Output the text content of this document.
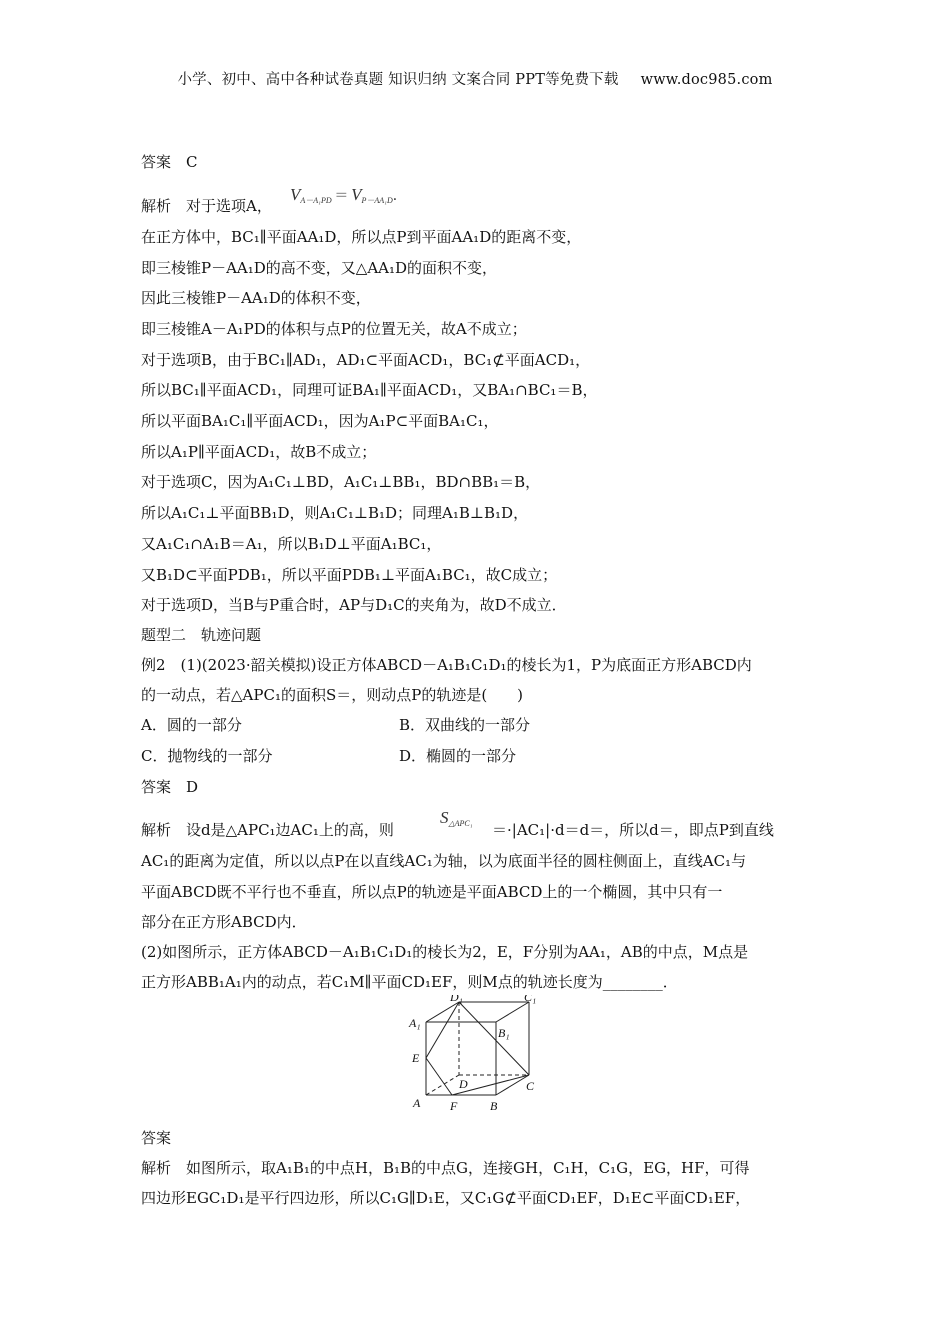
小学、初中、高中各种试卷真题 知识归纳 文案合同 PPT等免费下载 www.doc985.com
答案　C
解析　对于选项A，
$V_{A-A_1PD} = V_{P-AA_1D}$．
在正方体中，BC₁∥平面AA₁D，所以点P到平面AA₁D的距离不变，
即三棱锥P－AA₁D的高不变，又△AA₁D的面积不变，
因此三棱锥P－AA₁D的体积不变，
即三棱锥A－A₁PD的体积与点P的位置无关，故A不成立；
对于选项B，由于BC₁∥AD₁，AD₁⊂平面ACD₁，BC₁⊄平面ACD₁，
所以BC₁∥平面ACD₁，同理可证BA₁∥平面ACD₁，又BA₁∩BC₁＝B，
所以平面BA₁C₁∥平面ACD₁，因为A₁P⊂平面BA₁C₁，
所以A₁P∥平面ACD₁，故B不成立；
对于选项C，因为A₁C₁⊥BD，A₁C₁⊥BB₁，BD∩BB₁＝B，
所以A₁C₁⊥平面BB₁D，则A₁C₁⊥B₁D；同理A₁B⊥B₁D，
又A₁C₁∩A₁B＝A₁，所以B₁D⊥平面A₁BC₁，
又B₁D⊂平面PDB₁，所以平面PDB₁⊥平面A₁BC₁，故C成立；
对于选项D，当B与P重合时，AP与D₁C的夹角为，故D不成立．
题型二　轨迹问题
例2　(1)(2023·韶关模拟)设正方体ABCD－A₁B₁C₁D₁的棱长为1，P为底面正方形ABCD内
的一动点，若△APC₁的面积S＝，则动点P的轨迹是(　　)
A．圆的一部分	B．双曲线的一部分
C．抛物线的一部分	D．椭圆的一部分
答案　D
解析　设d是△APC₁边AC₁上的高，则
$S_{\triangle APC_1} =\cdot|AC_1|\cdot d=d=$，所以d＝，即点P到直线
AC₁的距离为定值，所以以点P在以直线AC₁为轴，以为底面半径的圆柱侧面上，直线AC₁与
平面ABCD既不平行也不垂直，所以点P的轨迹是平面ABCD上的一个椭圆，其中只有一
部分在正方形ABCD内．
(2)如图所示，正方体ABCD－A₁B₁C₁D₁的棱长为2，E，F分别为AA₁，AB的中点，M点是
正方形ABB₁A₁内的动点，若C₁M∥平面CD₁EF，则M点的轨迹长度为________．
D₁	C₁
A₁
B₁
E
D	C
A F	B
答案
解析　如图所示，取A₁B₁的中点H，B₁B的中点G，连接GH，C₁H，C₁G，EG，HF，可得
四边形EGC₁D₁是平行四边形，所以C₁G∥D₁E，又C₁G⊄平面CD₁EF，D₁E⊂平面CD₁EF，
